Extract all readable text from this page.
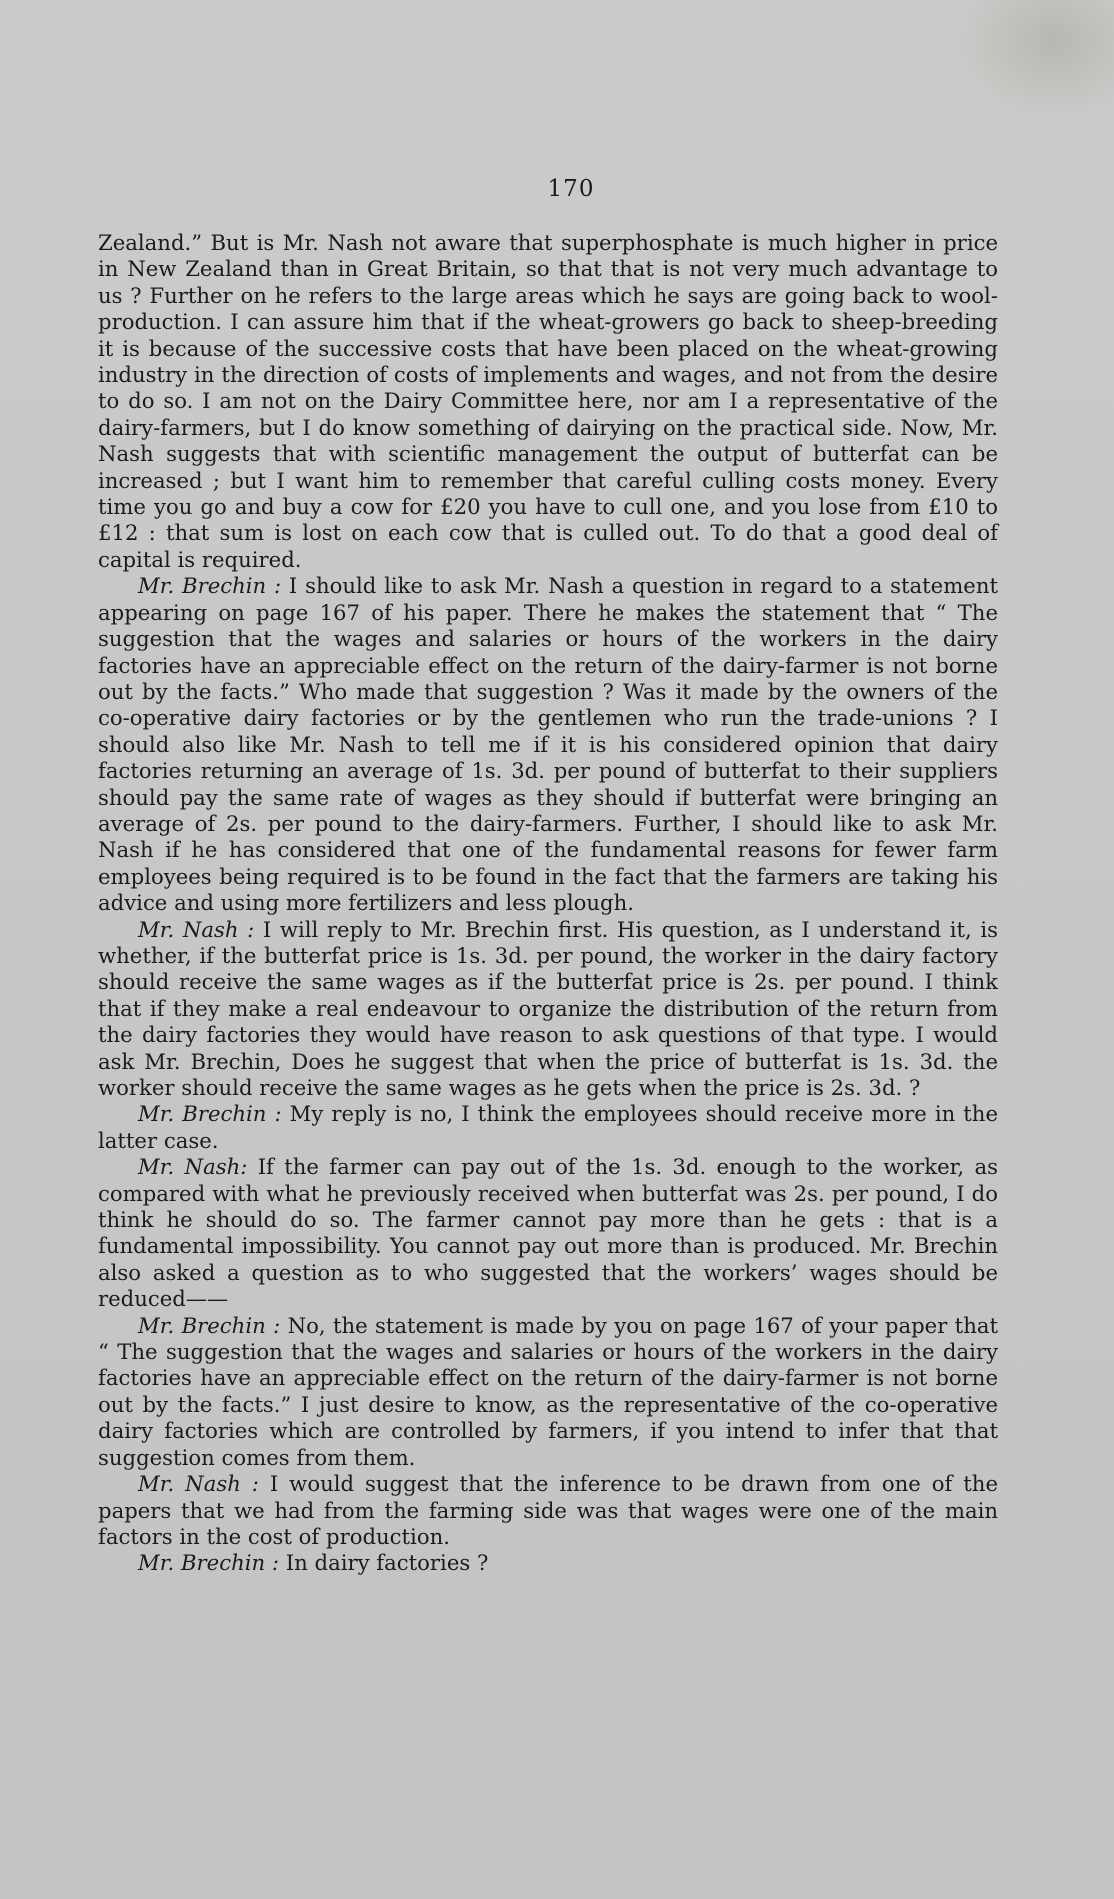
170

Zealand.” But is Mr. Nash not aware that superphosphate is much higher in price in New Zealand than in Great Britain, so that that is not very much advantage to us ? Further on he refers to the large areas which he says are going back to wool-production. I can assure him that if the wheat-growers go back to sheep-breeding it is because of the successive costs that have been placed on the wheat-growing industry in the direction of costs of implements and wages, and not from the desire to do so. I am not on the Dairy Committee here, nor am I a representative of the dairy-farmers, but I do know something of dairying on the practical side. Now, Mr. Nash suggests that with scientific management the output of butterfat can be increased ; but I want him to remember that careful culling costs money. Every time you go and buy a cow for £20 you have to cull one, and you lose from £10 to £12 : that sum is lost on each cow that is culled out. To do that a good deal of capital is required.

Mr. Brechin : I should like to ask Mr. Nash a question in regard to a statement appearing on page 167 of his paper. There he makes the statement that “ The suggestion that the wages and salaries or hours of the workers in the dairy factories have an appreciable effect on the return of the dairy-farmer is not borne out by the facts.” Who made that suggestion ? Was it made by the owners of the co-operative dairy factories or by the gentlemen who run the trade-unions ? I should also like Mr. Nash to tell me if it is his considered opinion that dairy factories returning an average of 1s. 3d. per pound of butterfat to their suppliers should pay the same rate of wages as they should if butterfat were bringing an average of 2s. per pound to the dairy-farmers. Further, I should like to ask Mr. Nash if he has considered that one of the fundamental reasons for fewer farm employees being required is to be found in the fact that the farmers are taking his advice and using more fertilizers and less plough.

Mr. Nash : I will reply to Mr. Brechin first. His question, as I understand it, is whether, if the butterfat price is 1s. 3d. per pound, the worker in the dairy factory should receive the same wages as if the butterfat price is 2s. per pound. I think that if they make a real endeavour to organize the distribution of the return from the dairy factories they would have reason to ask questions of that type. I would ask Mr. Brechin, Does he suggest that when the price of butterfat is 1s. 3d. the worker should receive the same wages as he gets when the price is 2s. 3d. ?

Mr. Brechin : My reply is no, I think the employees should receive more in the latter case.

Mr. Nash: If the farmer can pay out of the 1s. 3d. enough to the worker, as compared with what he previously received when butterfat was 2s. per pound, I do think he should do so. The farmer cannot pay more than he gets : that is a fundamental impossibility. You cannot pay out more than is produced. Mr. Brechin also asked a question as to who suggested that the workers’ wages should be reduced——

Mr. Brechin : No, the statement is made by you on page 167 of your paper that “ The suggestion that the wages and salaries or hours of the workers in the dairy factories have an appreciable effect on the return of the dairy-farmer is not borne out by the facts.” I just desire to know, as the representative of the co-operative dairy factories which are controlled by farmers, if you intend to infer that that suggestion comes from them.

Mr. Nash : I would suggest that the inference to be drawn from one of the papers that we had from the farming side was that wages were one of the main factors in the cost of production.

Mr. Brechin : In dairy factories ?
